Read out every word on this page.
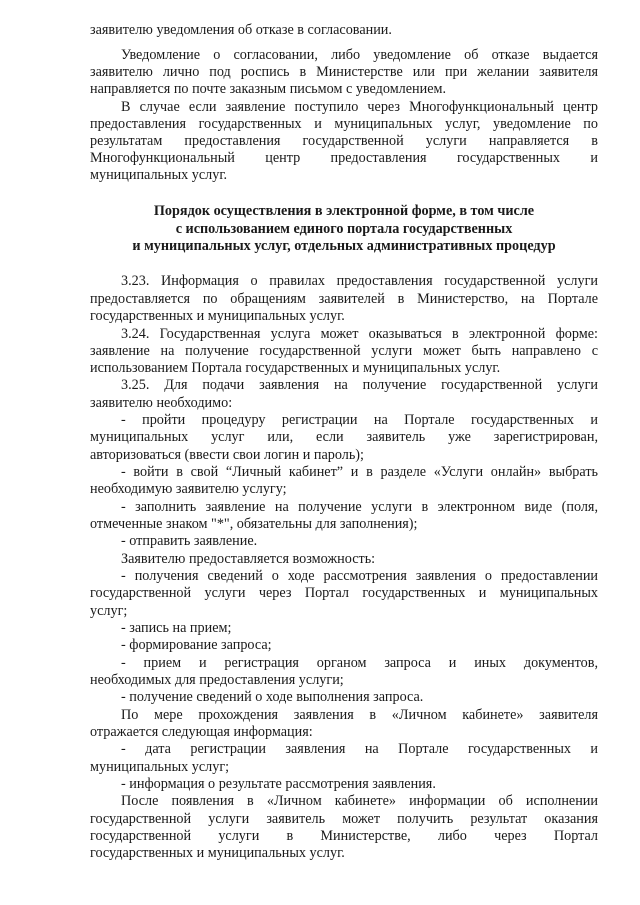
заявителю уведомления об отказе в согласовании.
Уведомление о согласовании, либо уведомление об отказе выдается
заявителю лично под роспись в Министерстве или при желании заявителя
направляется по почте заказным письмом с уведомлением.
В случае если заявление поступило через Многофункциональный центр
предоставления государственных и муниципальных услуг, уведомление по
результатам предоставления государственной услуги направляется в
Многофункциональный центр предоставления государственных и
муниципальных услуг.
Порядок осуществления в электронной форме, в том числе
с использованием единого портала государственных
и муниципальных услуг, отдельных административных процедур
3.23. Информация о правилах предоставления государственной услуги
предоставляется по обращениям заявителей в Министерство, на Портале
государственных и муниципальных услуг.
3.24. Государственная услуга может оказываться в электронной форме:
заявление на получение государственной услуги может быть направлено с
использованием Портала государственных и муниципальных услуг.
3.25. Для подачи заявления на получение государственной услуги
заявителю необходимо:
- пройти процедуру регистрации на Портале государственных и
муниципальных услуг или, если заявитель уже зарегистрирован,
авторизоваться (ввести свои логин и пароль);
- войти в свой “Личный кабинет” и в разделе «Услуги онлайн» выбрать
необходимую заявителю услугу;
- заполнить заявление на получение услуги в электронном виде (поля,
отмеченные знаком "*", обязательны для заполнения);
- отправить заявление.
Заявителю предоставляется возможность:
- получения сведений о ходе рассмотрения заявления о предоставлении
государственной услуги через Портал государственных и муниципальных
услуг;
- запись на прием;
- формирование запроса;
- прием и регистрация органом запроса и иных документов,
необходимых для предоставления услуги;
- получение сведений о ходе выполнения запроса.
По мере прохождения заявления в «Личном кабинете» заявителя
отражается следующая информация:
- дата регистрации заявления на Портале государственных и
муниципальных услуг;
- информация о результате рассмотрения заявления.
После появления в «Личном кабинете» информации об исполнении
государственной услуги заявитель может получить результат оказания
государственной услуги в Министерстве, либо через Портал
государственных и муниципальных услуг.
